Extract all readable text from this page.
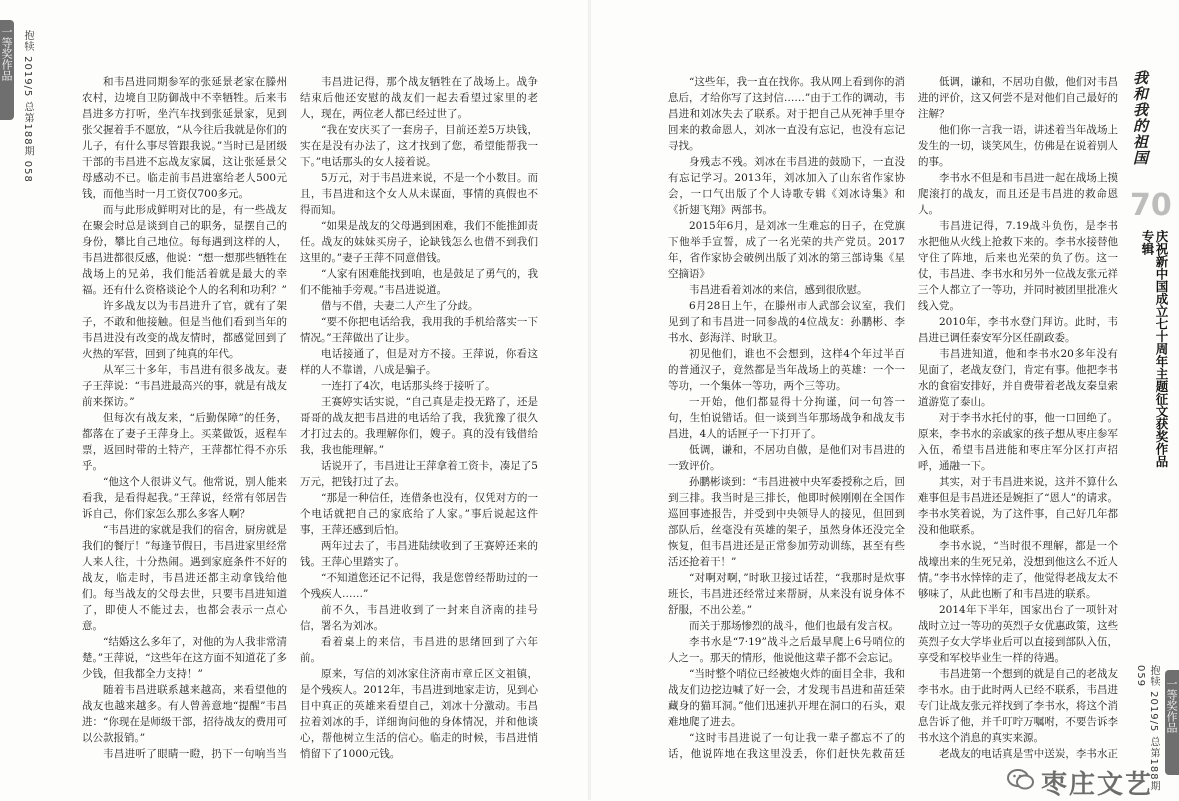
一等奖作品 抱犊 2019/5 总第188期 058	和韦昌进同期参军的张延景老家在滕州农村，边境自卫防御战中不幸牺牲。后来韦昌进多方打听，坐汽车找到张延景家，见到张父握着手不愿放，“从今往后我就是你们的儿子，有什么事尽管跟我说。”当时已是团级干部的韦昌进不忘战友家属，这让张延景父母感动不已。临走前韦昌进塞给老人500元钱，而他当时一月工资仅700多元。

而与此形成鲜明对比的是，有一些战友在聚会时总是谈到自己的职务，显摆自己的身份，攀比自己地位。每每遇到这样的人，韦昌进都很反感，他说：“想一想那些牺牲在战场上的兄弟，我们能活着就是最大的幸福。还有什么资格谈论个人的名利和功利？”

许多战友以为韦昌进升了官，就有了架子，不敢和他接触。但是当他们看到当年的韦昌进没有改变的战友情时，都感觉回到了火热的军营，回到了纯真的年代。

从军三十多年，韦昌进有很多战友。妻子王萍说：“韦昌进最高兴的事，就是有战友前来探访。”

但每次有战友来，“后勤保障”的任务，都落在了妻子王萍身上。买菜做饭，返程车票，返回时带的土特产，王萍都忙得不亦乐乎。

“他这个人很讲义气。他常说，别人能来看我，是看得起我。”王萍说，经常有邻居告诉自己，你们家怎么那么多客人啊？

“韦昌进的家就是我们的宿舍，厨房就是我们的餐厅！”每逢节假日，韦昌进家里经常人来人往，十分热闹。遇到家庭条件不好的战友，临走时，韦昌进还都主动拿钱给他们。每当战友的父母去世，只要韦昌进知道了，即使人不能过去，也都会表示一点心意。

“结婚这么多年了，对他的为人我非常清楚。”王萍说，“这些年在这方面不知道花了多少钱，但我都全力支持！”

随着韦昌进联系越来越高，来看望他的战友也越来越多。有人曾善意地“提醒”韦昌进：“你现在是师级干部，招待战友的费用可以公款报销。”

韦昌进听了眼睛一瞪，扔下一句响当当

韦昌进记得，那个战友牺牲在了战场上。战争结束后他还安慰的战友们一起去看望过家里的老人，现在，两位老人都已经过世了。

“我在安庆买了一套房子，目前还差5万块钱，实在是没有办法了，这才找到了您，希望能帮我一下。”电话那头的女人接着说。

5万元，对于韦昌进来说，不是一个小数目。而且，韦昌进和这个女人从未谋面，事情的真假也不得而知。

“如果是战友的父母遇到困难，我们不能推卸责任。战友的妹妹买房子，论缺钱怎么也借不到我们这里的。”妻子王萍不同意借钱。

“人家有困难能找到咱，也是鼓足了勇气的，我们不能袖手旁观。”韦昌进说道。

借与不借，夫妻二人产生了分歧。

“要不你把电话给我，我用我的手机给落实一下情况。”王萍做出了让步。

电话接通了，但是对方不接。王萍说，你看这样的人不靠谱，八成是骗子。

一连打了4次，电话那头终于接听了。

王赛婷实话实说，“自己真是走投无路了，还是哥哥的战友把韦昌进的电话给了我，我犹豫了很久才打过去的。我理解你们，嫂子。真的没有钱借给我，我也能理解。”

话说开了，韦昌进让王萍拿着工资卡，凑足了5万元，把钱打过了去。

“那是一种信任，连借条也没有，仅凭对方的一个电话就把自己的家底给了人家。”事后说起这件事，王萍还感到后怕。

两年过去了，韦昌进陆续收到了王赛婷还来的钱。王萍心里踏实了。

“不知道您还记不记得，我是您曾经帮助过的一个残疾人……”

前不久，韦昌进收到了一封来自济南的挂号信，署名为刘冰。

看着桌上的来信，韦昌进的思绪回到了六年前。

原来，写信的刘冰家住济南市章丘区文祖镇，是个残疾人。2012年，韦昌进到地家走访，见到心目中真正的英雄来看望自己，刘冰十分激动。韦昌拉着刘冰的手，详细询问他的身体情况，并和他谈心，帮他树立生活的信心。临走的时候，韦昌进悄悄留下了1000元钱。

“这些年，我一直在找你。我从网上看到你的消息后，才给你写了这封信……”由于工作的调动，韦昌进和刘冰失去了联系。对于把自己从死神手里夺回来的救命恩人，刘冰一直没有忘记，也没有忘记寻找。

身残志不残。刘冰在韦昌进的鼓励下，一直没有忘记学习。2013年，刘冰加入了山东省作家协会，一口气出版了个人诗歌专辑《刘冰诗集》和《折翅飞翔》两部书。

2015年6月，是刘冰一生难忘的日子，在党旗下他举手宣誓，成了一名光荣的共产党员。2017年，省作家协会破例出版了刘冰的第三部诗集《星空摘语》

韦昌进看着刘冰的来信，感到很欣慰。

6月28日上午，在滕州市人武部会议室，我们见到了和韦昌进一同参战的4位战友：孙鹏彬、李书水、彭海洋、时耿卫。

初见他们，谁也不会想到，这样4个年过半百的普通汉子，竟然都是当年战场上的英雄：一个一等功，一个集体一等功，两个三等功。

一开始，他们都显得十分拘谨，问一句答一句，生怕说错话。但一谈到当年那场战争和战友韦昌进，4人的话匣子一下打开了。

低调，谦和，不居功自傲，是他们对韦昌进的一致评价。

孙鹏彬谈到：“韦昌进被中央军委授称之后，回到三排。我当时是三排长，他即时候刚刚在全国作巡回事迹报告，并受到中央领导人的接见，但回到部队后，丝毫没有英雄的架子，虽然身体还没完全恢复，但韦昌进还是正常参加劳动训练，甚至有些活还抢着干！”

“对啊对啊，”时耿卫接过话茬，“我那时是炊事班长，韦昌进还经常过来帮厨，从来没有说身体不舒服，不出公差。”

而关于那场惨烈的战斗，他们也最有发言权。

李书水是“7·19”战斗之后最早爬上6号哨位的人之一。那天的情形，他说他这辈子都不会忘记。

“当时整个哨位已经被炮火炸的面目全非，我和战友们边挖边喊了好一会，才发现韦昌进和苗廷荣藏身的猫耳洞。”他们迅速扒开埋在洞口的石头，艰难地爬了进去。

“这时韦昌进说了一句让我一辈子都忘不了的话，他说阵地在我这里没丢，你们赶快先救苗廷

低调，谦和，不居功自傲，他们对韦昌进的评价，这又何尝不是对他们自己最好的注解？

他们你一言我一语，讲述着当年战场上发生的一切，谈笑风生，仿佛是在说着别人的事。

李书水不但是和韦昌进一起在战场上摸爬滚打的战友，而且还是韦昌进的救命恩人。

韦昌进记得，7.19战斗负伤，是李书水把他从火线上抢救下来的。李书水接替他守住了阵地，后来也光荣的负了伤。这一仗，韦昌进、李书水和另外一位战友张元祥三个人都立了一等功，并同时被团里批准火线入党。

2010年，李书水登门拜访。此时，韦昌进已调任泰安军分区任副政委。

韦昌进知道，他和李书水20多年没有见面了，老战友登门，肯定有事。他把李书水的食宿安排好，并自费带着老战友秦皇索道游览了泰山。

对于李书水托付的事，他一口回绝了。原来，李书水的亲戚家的孩子想从枣庄参军入伍，希望韦昌进能和枣庄军分区打声招呼，通融一下。

其实，对于韦昌进来说，这并不算什么难事但是韦昌进还是婉拒了“恩人”的请求。李书水笑着说，为了这件事，自己好几年都没和他联系。

李书水说，“当时很不理解，都是一个战壕出来的生死兄弟，没想到他这么不近人情。”李书水悻悻的走了，他觉得老战友太不够味了，从此也断了和韦昌进的联系。

2014年下半年，国家出台了一项针对战时立过一等功的英烈子女优惠政策，这些英烈子女大学毕业后可以直接到部队入伍，享受和军校毕业生一样的待遇。

韦昌进第一个想到的就是自己的老战友李书水。由于此时两人已经不联系，韦昌进专门让战友张元祥找到了李书水，将这个消息告诉了他，并千叮咛万嘱咐，不要告诉李书水这个消息的真实来源。

老战友的电话真是雪中送炭，李书水正

我和我的祖国
70
庆祝新中国成立七十周年主题征文获奖作品专辑
一等奖作品
抱犊 2019/5 总第188期 059
枣庄文艺
